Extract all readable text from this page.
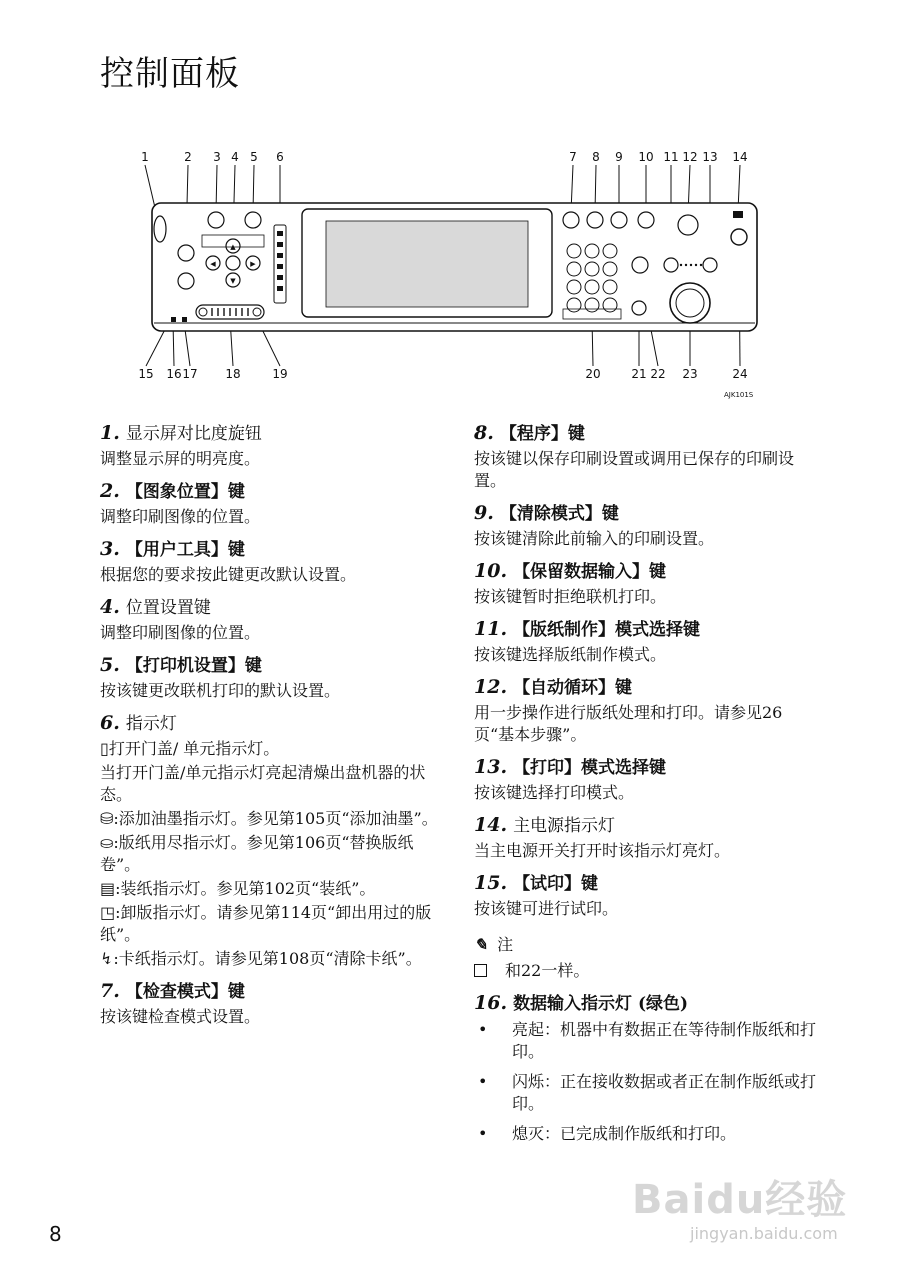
控制面板
1	2 3 4 5 6	7 8 9 10 11 12 13 14
15 16 17 18	19	20	21 22 23	24
▲
◀	▶
▼
AJK101S
1. 显示屏对比度旋钮
调整显示屏的明亮度。
2. 【图象位置】键
调整印刷图像的位置。
3. 【用户工具】键
根据您的要求按此键更改默认设置。
4. 位置设置键
调整印刷图像的位置。
5. 【打印机设置】键
按该键更改联机打印的默认设置。
6. 指示灯
▯打开门盖/ 单元指示灯。
当打开门盖/单元指示灯亮起清燥出盘机器的状态。
⛁:添加油墨指示灯。参见第105页“添加油墨”。
⛀:版纸用尽指示灯。参见第106页“替换版纸卷”。
▤:装纸指示灯。参见第102页“装纸”。
◳:卸版指示灯。请参见第114页“卸出用过的版纸”。
↯:卡纸指示灯。请参见第108页“清除卡纸”。
7. 【检查模式】键
按该键检查模式设置。
8. 【程序】键
按该键以保存印刷设置或调用已保存的印刷设置。
9. 【清除模式】键
按该键清除此前输入的印刷设置。
10. 【保留数据输入】键
按该键暂时拒绝联机打印。
11. 【版纸制作】模式选择键
按该键选择版纸制作模式。
12. 【自动循环】键
用一步操作进行版纸处理和打印。请参见26页“基本步骤”。
13. 【打印】模式选择键
按该键选择打印模式。
14. 主电源指示灯
当主电源开关打开时该指示灯亮灯。
15. 【试印】键
按该键可进行试印。
✎ 注
和22一样。
16. 数据输入指示灯 (绿色)
• 亮起：机器中有数据正在等待制作版纸和打印。
• 闪烁：正在接收数据或者正在制作版纸或打印。
• 熄灭：已完成制作版纸和打印。
Baidu经验
jingyan.baidu.com
8
